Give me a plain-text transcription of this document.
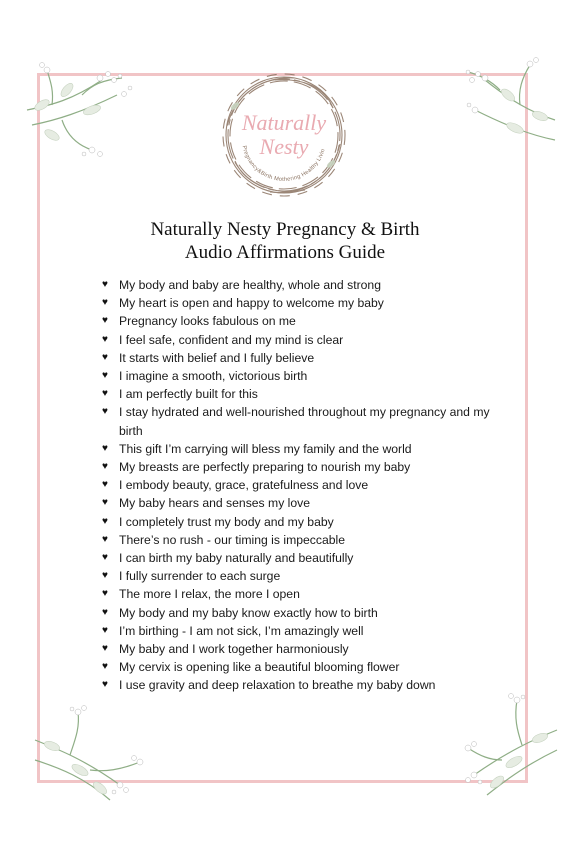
Naturally
Nesty
Pregnancy&Birth Mothering Healthy Livin
Naturally Nesty Pregnancy & Birth
Audio Affirmations Guide
♥ My body and baby are healthy, whole and strong
♥ My heart is open and happy to welcome my baby
♥ Pregnancy looks fabulous on me
♥ I feel safe, confident and my mind is clear
♥ It starts with belief and I fully believe
♥ I imagine a smooth, victorious birth
♥ I am perfectly built for this
♥ I stay hydrated and well-nourished throughout my pregnancy and my birth
♥ This gift I’m carrying will bless my family and the world
♥ My breasts are perfectly preparing to nourish my baby
♥ I embody beauty, grace, gratefulness and love
♥ My baby hears and senses my love
♥ I completely trust my body and my baby
♥ There’s no rush - our timing is impeccable
♥ I can birth my baby naturally and beautifully
♥ I fully surrender to each surge
♥ The more I relax, the more I open
♥ My body and my baby know exactly how to birth
♥ I’m birthing - I am not sick, I’m amazingly well
♥ My baby and I work together harmoniously
♥ My cervix is opening like a beautiful blooming flower
♥ I use gravity and deep relaxation to breathe my baby down
